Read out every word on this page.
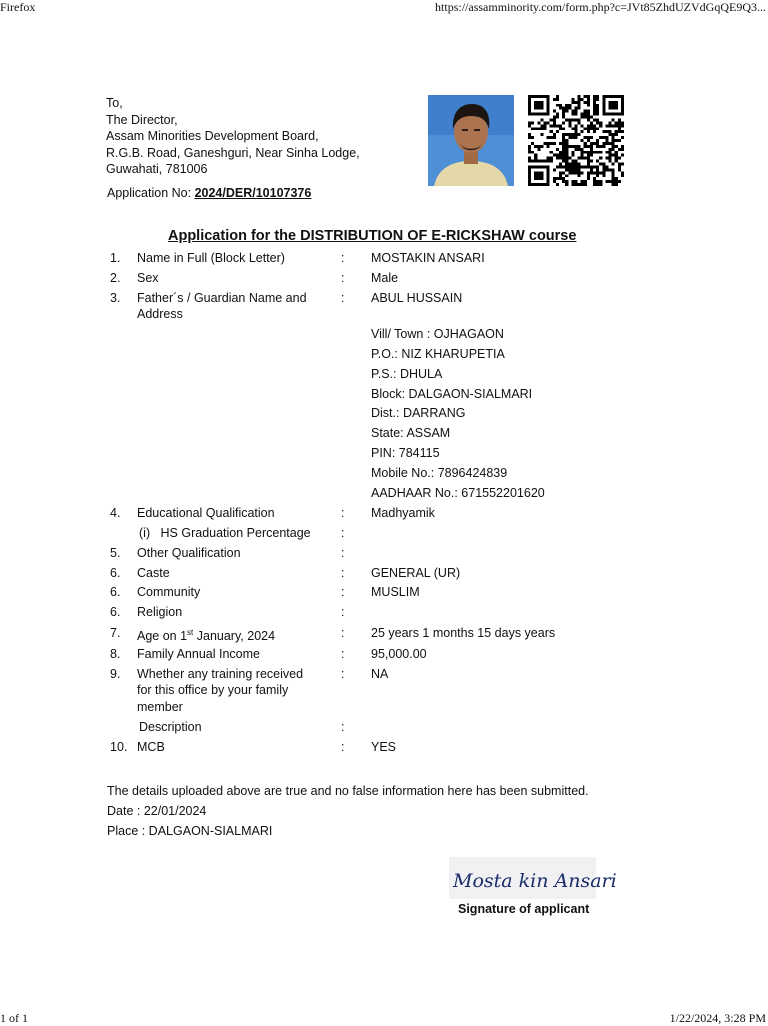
Firefox	https://assamminority.com/form.php?c=JVt85ZhdUZVdGqQE9Q3...
To,
The Director,
Assam Minorities Development Board,
R.G.B. Road, Ganeshguri, Near Sinha Lodge,
Guwahati, 781006
Application No: 2024/DER/10107376
Application for the DISTRIBUTION OF E-RICKSHAW course
1. Name in Full (Block Letter)	: MOSTAKIN ANSARI
2. Sex	: Male
3. Father´s / Guardian Name and
Address
: ABUL HUSSAIN
Vill/ Town : OJHAGAON
P.O.: NIZ KHARUPETIA
P.S.: DHULA
Block: DALGAON-SIALMARI
Dist.: DARRANG
State: ASSAM
PIN: 784115
Mobile No.: 7896424839
AADHAAR No.: 671552201620
4. Educational Qualification	: Madhyamik
(i)   HS Graduation Percentage	:
5. Other Qualification	:
6. Caste	: GENERAL (UR)
6. Community	: MUSLIM
6. Religion	:
7. Age on 1st January, 2024	: 25 years 1 months 15 days years
8. Family Annual Income	: 95,000.00
9. Whether any training received
for this office by your family
member
: NA
Description	:
10. MCB	: YES
The details uploaded above are true and no false information here has been submitted.
Date : 22/01/2024
Place : DALGAON-SIALMARI
Mosta kin Ansari
Signature of applicant
1 of 1	1/22/2024, 3:28 PM
